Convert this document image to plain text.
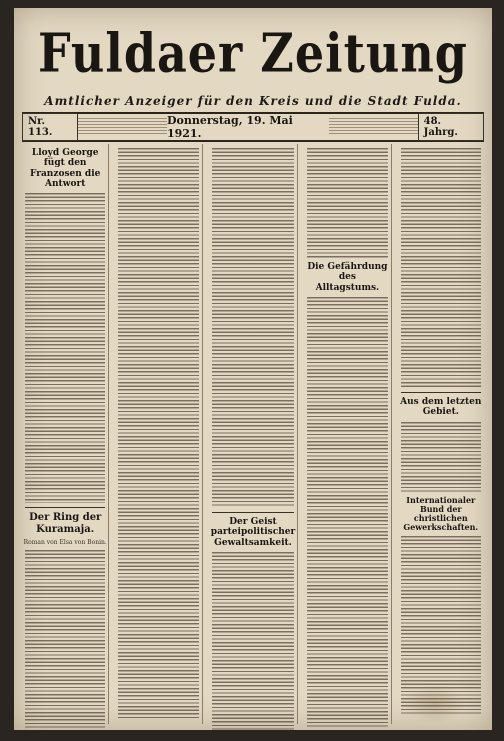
Fuldaer Zeitung
Amtlicher Anzeiger für den Kreis und die Stadt Fulda.
Nr. 113.
Donnerstag, 19. Mai 1921.
48. Jahrg.
Lloyd George fügt den Franzosen die Antwort
Der Ring der Kuramaja.
Roman von Elsa von Bonin.
Der Geist parteipolitischer Gewaltsamkeit.
Die Gefährdung des Alltagstums.
Aus dem letzten Gebiet.
Internationaler Bund der christlichen Gewerkschaften.
